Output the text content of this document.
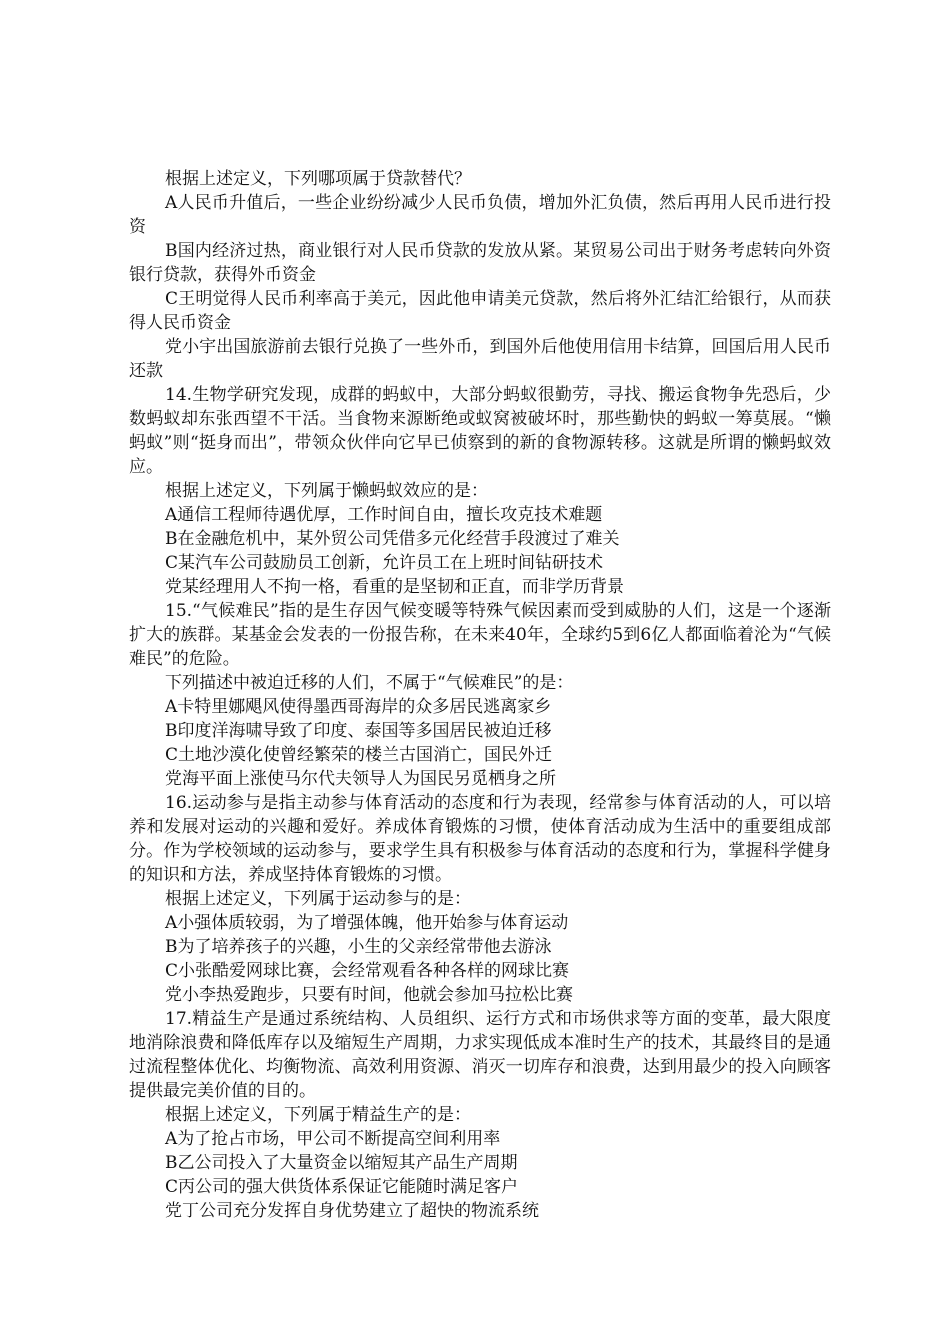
根据上述定义，下列哪项属于贷款替代？

A人民币升值后，一些企业纷纷减少人民币负债，增加外汇负债，然后再用人民币进行投资

B国内经济过热，商业银行对人民币贷款的发放从紧。某贸易公司出于财务考虑转向外资银行贷款，获得外币资金

C王明觉得人民币利率高于美元，因此他申请美元贷款，然后将外汇结汇给银行，从而获得人民币资金

党小宇出国旅游前去银行兑换了一些外币，到国外后他使用信用卡结算，回国后用人民币还款

14.生物学研究发现，成群的蚂蚁中，大部分蚂蚁很勤劳，寻找、搬运食物争先恐后，少数蚂蚁却东张西望不干活。当食物来源断绝或蚁窝被破坏时，那些勤快的蚂蚁一筹莫展。“懒蚂蚁”则“挺身而出”，带领众伙伴向它早已侦察到的新的食物源转移。这就是所谓的懒蚂蚁效应。

根据上述定义，下列属于懒蚂蚁效应的是：

A通信工程师待遇优厚，工作时间自由，擅长攻克技术难题

B在金融危机中，某外贸公司凭借多元化经营手段渡过了难关

C某汽车公司鼓励员工创新，允许员工在上班时间钻研技术

党某经理用人不拘一格，看重的是坚韧和正直，而非学历背景

15.“气候难民”指的是生存因气候变暖等特殊气候因素而受到威胁的人们，这是一个逐渐扩大的族群。某基金会发表的一份报告称，在未来40年，全球约5到6亿人都面临着沦为“气候难民”的危险。

下列描述中被迫迁移的人们，不属于“气候难民”的是：

A卡特里娜飓风使得墨西哥海岸的众多居民逃离家乡

B印度洋海啸导致了印度、泰国等多国居民被迫迁移

C土地沙漠化使曾经繁荣的楼兰古国消亡，国民外迁

党海平面上涨使马尔代夫领导人为国民另觅栖身之所

16.运动参与是指主动参与体育活动的态度和行为表现，经常参与体育活动的人，可以培养和发展对运动的兴趣和爱好。养成体育锻炼的习惯，使体育活动成为生活中的重要组成部分。作为学校领域的运动参与，要求学生具有积极参与体育活动的态度和行为，掌握科学健身的知识和方法，养成坚持体育锻炼的习惯。

根据上述定义，下列属于运动参与的是：

A小强体质较弱，为了增强体魄，他开始参与体育运动

B为了培养孩子的兴趣，小生的父亲经常带他去游泳

C小张酷爱网球比赛，会经常观看各种各样的网球比赛

党小李热爱跑步，只要有时间，他就会参加马拉松比赛

17.精益生产是通过系统结构、人员组织、运行方式和市场供求等方面的变革，最大限度地消除浪费和降低库存以及缩短生产周期，力求实现低成本准时生产的技术，其最终目的是通过流程整体优化、均衡物流、高效利用资源、消灭一切库存和浪费，达到用最少的投入向顾客提供最完美价值的目的。

根据上述定义，下列属于精益生产的是：

A为了抢占市场，甲公司不断提高空间利用率

B乙公司投入了大量资金以缩短其产品生产周期

C丙公司的强大供货体系保证它能随时满足客户

党丁公司充分发挥自身优势建立了超快的物流系统
